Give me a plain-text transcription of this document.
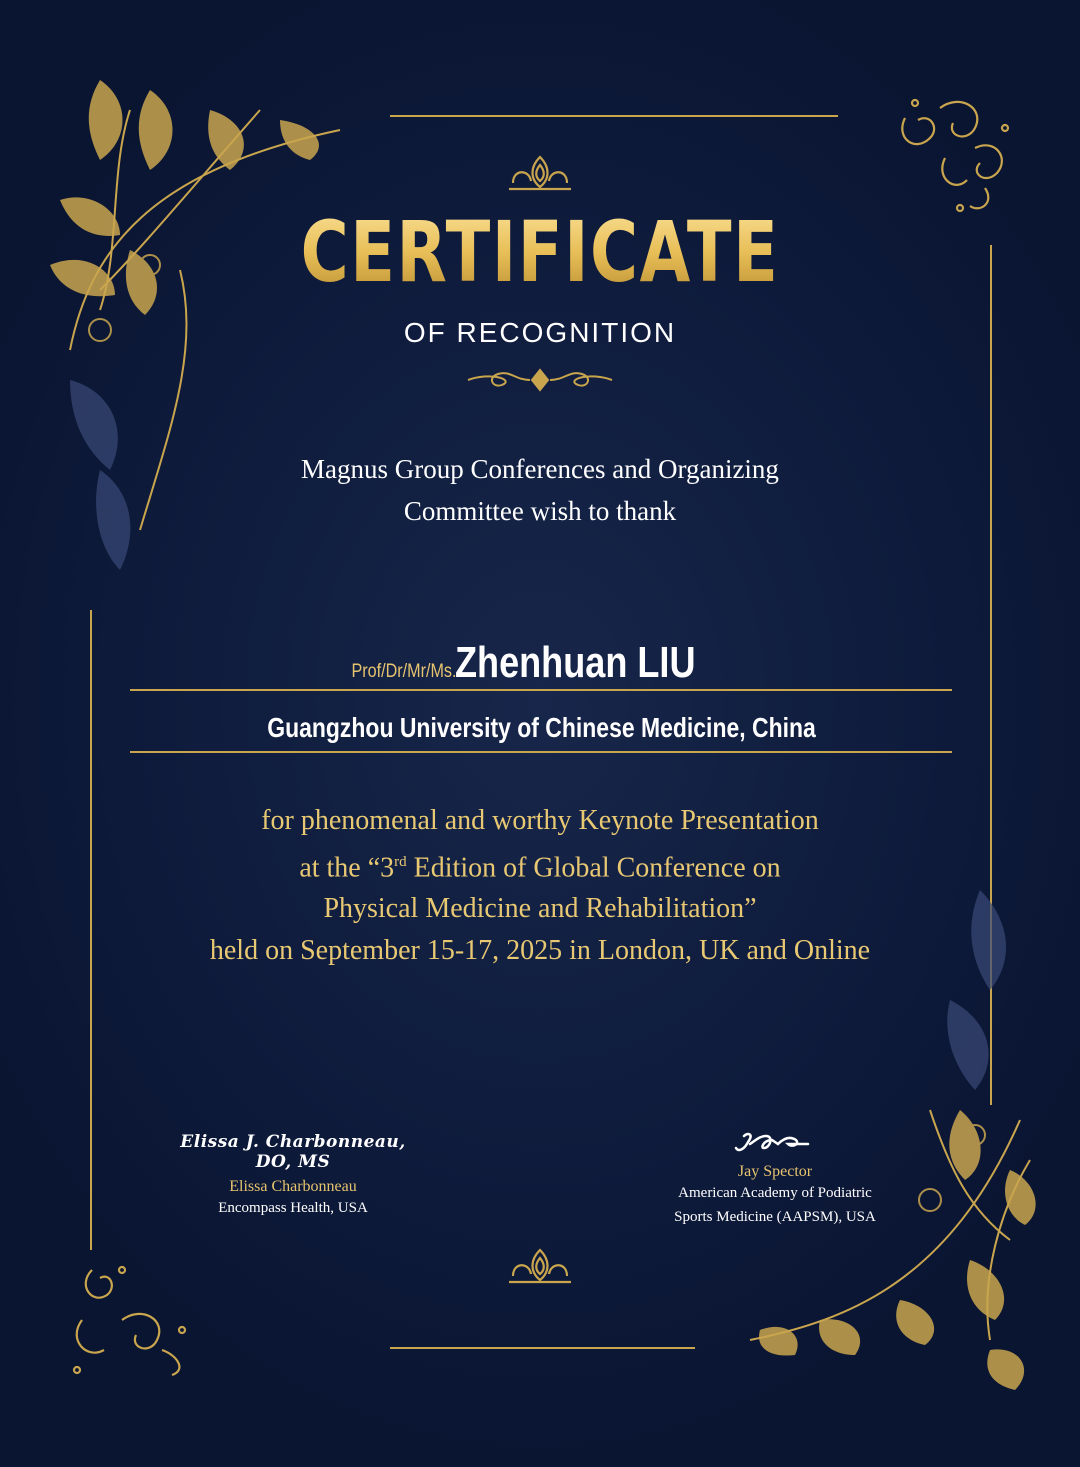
CERTIFICATE
OF RECOGNITION
Magnus Group Conferences and Organizing
Committee wish to thank
Prof/Dr/Mr/Ms. Zhenhuan LIU
Guangzhou University of Chinese Medicine, China
for phenomenal and worthy Keynote Presentation
at the “3rd Edition of Global Conference on
Physical Medicine and Rehabilitation”
held on September 15-17, 2025 in London, UK and Online
Elissa J. Charbonneau, DO, MS
Elissa Charbonneau
Encompass Health, USA
Jay Spector
American Academy of Podiatric
Sports Medicine (AAPSM), USA
